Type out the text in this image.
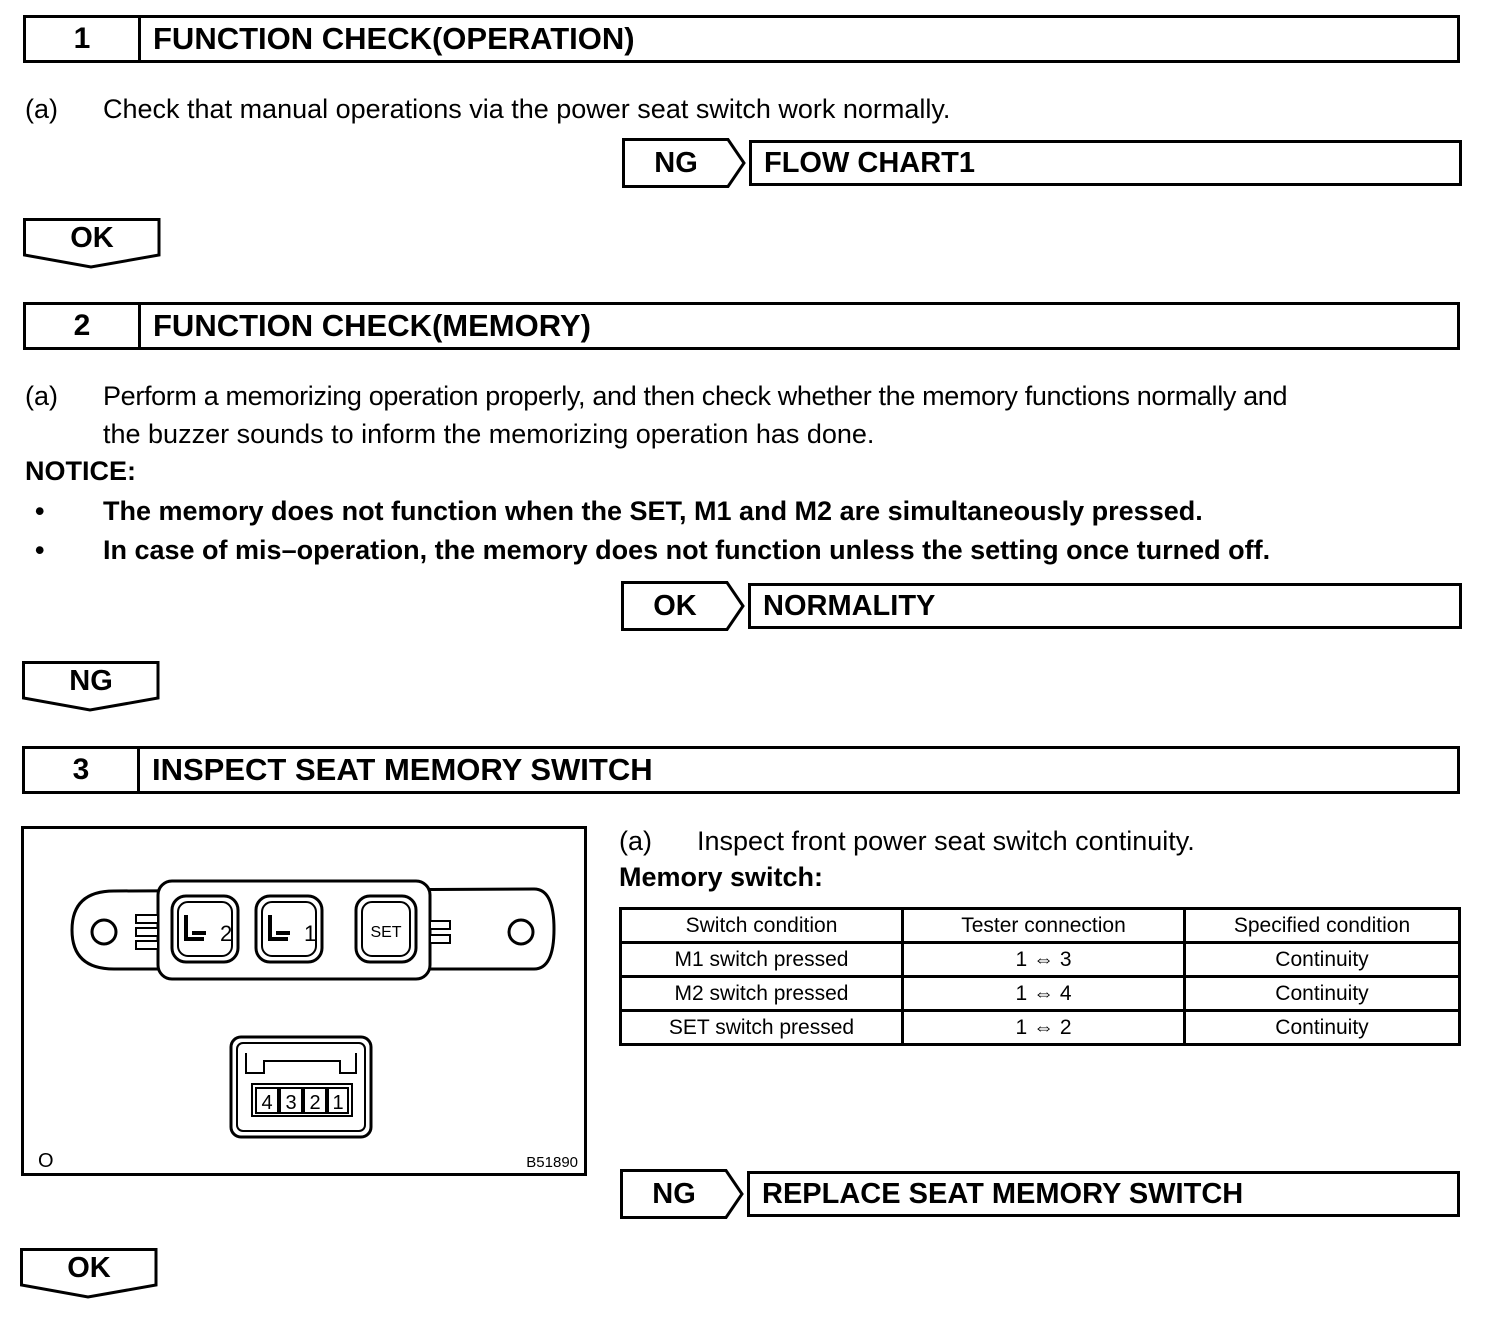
1	FUNCTION CHECK(OPERATION)
(a) Check that manual operations via the power seat switch work normally.
NG	FLOW CHART1
OK
2	FUNCTION CHECK(MEMORY)
(a) Perform a memorizing operation properly, and then check whether the memory functions normally and
the buzzer sounds to inform the memorizing operation has done.
NOTICE:
• The memory does not function when the SET, M1 and M2 are simultaneously pressed.
• In case of mis–operation, the memory does not function unless the setting once turned off.
OK	NORMALITY
NG
3	INSPECT SEAT MEMORY SWITCH
2	1	SET
4 3 2 1
O	B51890
(a) Inspect front power seat switch continuity.
Memory switch:
Switch condition	Tester connection	Specified condition
M1 switch pressed	1 ⇔ 3	Continuity
M2 switch pressed	1 ⇔ 4	Continuity
SET switch pressed	1 ⇔ 2	Continuity
NG	REPLACE SEAT MEMORY SWITCH
OK
